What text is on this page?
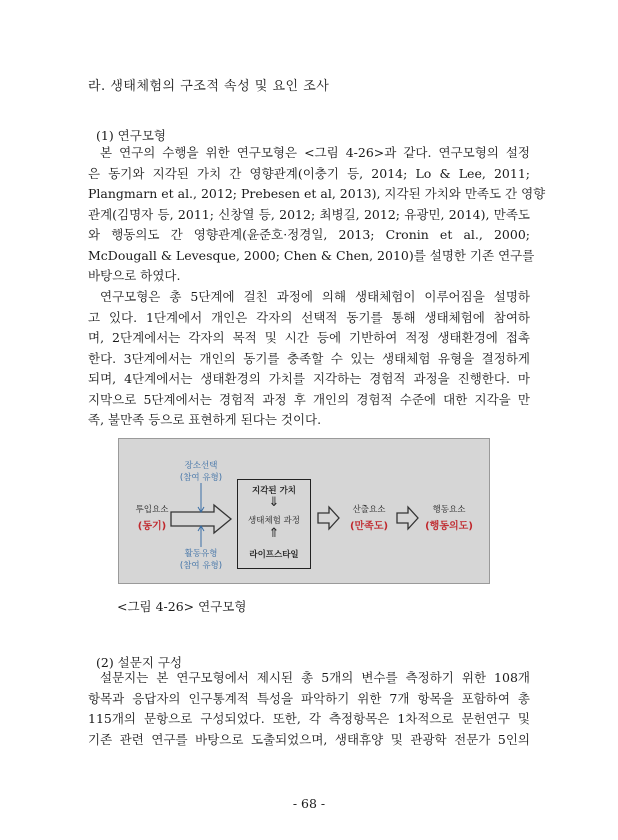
라. 생태체험의 구조적 속성 및 요인 조사
(1) 연구모형
본 연구의 수행을 위한 연구모형은 <그림 4-26>과 같다. 연구모형의 설정
은 동기와 지각된 가치 간 영향관계(이충기 등, 2014; Lo & Lee, 2011;
Plangmarn et al., 2012; Prebesen et al, 2013), 지각된 가치와 만족도 간 영향
관계(김명자 등, 2011; 신창열 등, 2012; 최병길, 2012; 유광민, 2014), 만족도
와 행동의도 간 영향관계(윤준호·정경일, 2013; Cronin et al., 2000;
McDougall & Levesque, 2000; Chen & Chen, 2010)를 설명한 기존 연구를
바탕으로 하였다.
연구모형은 총 5단계에 걸친 과정에 의해 생태체험이 이루어짐을 설명하
고 있다. 1단계에서 개인은 각자의 선택적 동기를 통해 생태체험에 참여하
며, 2단계에서는 각자의 목적 및 시간 등에 기반하여 적정 생태환경에 접촉
한다. 3단계에서는 개인의 동기를 충족할 수 있는 생태체험 유형을 결정하게
되며, 4단계에서는 생태환경의 가치를 지각하는 경험적 과정을 진행한다. 마
지막으로 5단계에서는 경험적 과정 후 개인의 경험적 수준에 대한 지각을 만
족, 불만족 등으로 표현하게 된다는 것이다.
장소선택
(참여 유형)
투입요소
(동기)
활동유형
(참여 유형)
지각된 가치
⇓
생태체험 과정
⇑
라이프스타일
산출요소
(만족도)
행동요소
(행동의도)
<그림 4-26> 연구모형
(2) 설문지 구성
설문지는 본 연구모형에서 제시된 총 5개의 변수를 측정하기 위한 108개
항목과 응답자의 인구통계적 특성을 파악하기 위한 7개 항목을 포함하여 총
115개의 문항으로 구성되었다. 또한, 각 측정항목은 1차적으로 문헌연구 및
기존 관련 연구를 바탕으로 도출되었으며, 생태휴양 및 관광학 전문가 5인의
- 68 -
